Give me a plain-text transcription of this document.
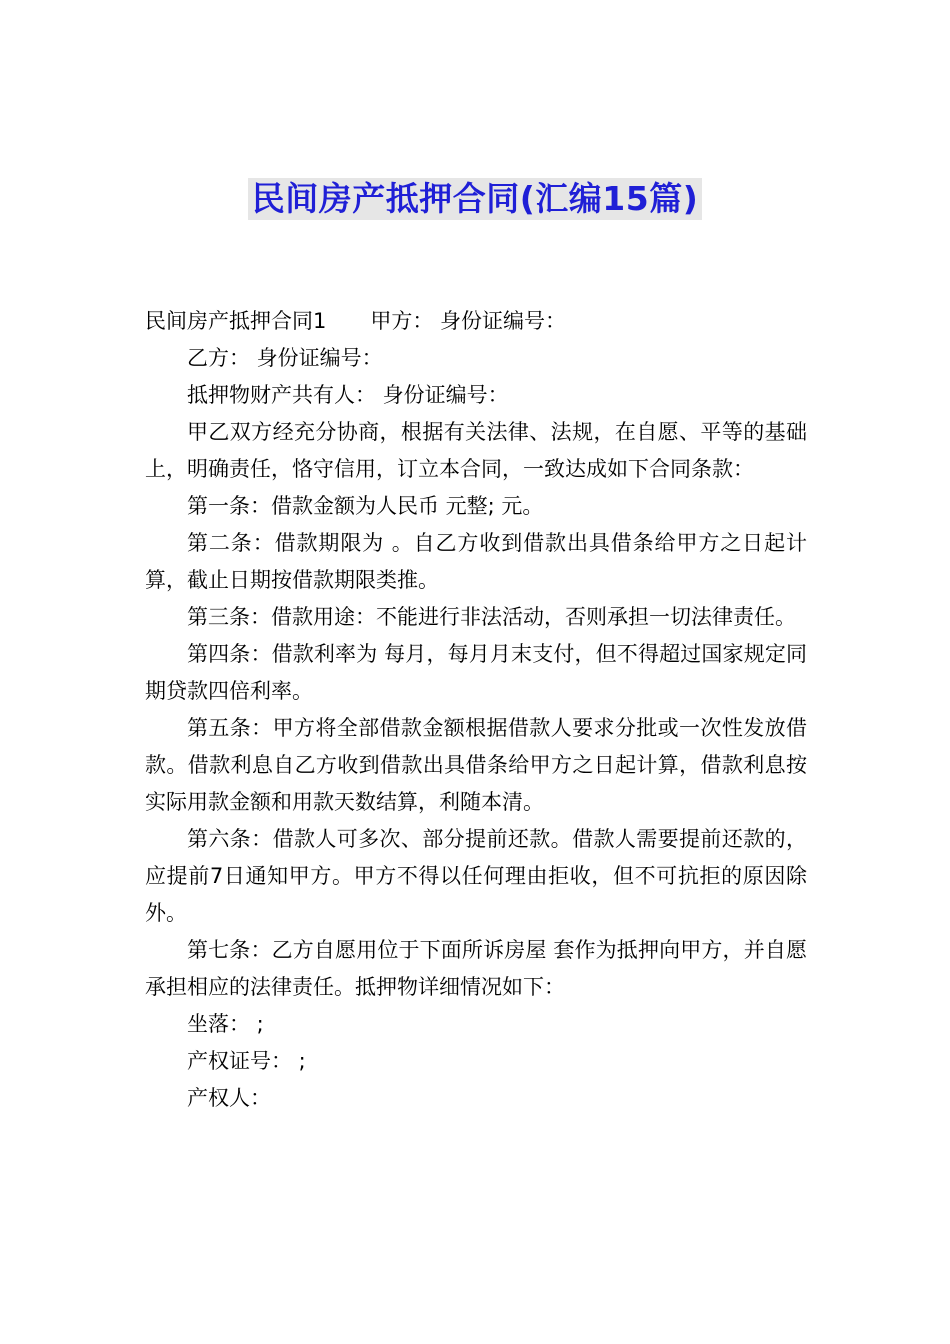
民间房产抵押合同(汇编15篇)

民间房产抵押合同1 甲方： 身份证编号：

乙方： 身份证编号：

抵押物财产共有人： 身份证编号：

甲乙双方经充分协商，根据有关法律、法规，在自愿、平等的基础上，明确责任，恪守信用，订立本合同，一致达成如下合同条款：

第一条：借款金额为人民币 元整; 元。

第二条：借款期限为 。自乙方收到借款出具借条给甲方之日起计算，截止日期按借款期限类推。

第三条：借款用途：不能进行非法活动，否则承担一切法律责任。

第四条：借款利率为 每月，每月月末支付，但不得超过国家规定同期贷款四倍利率。

第五条：甲方将全部借款金额根据借款人要求分批或一次性发放借款。借款利息自乙方收到借款出具借条给甲方之日起计算，借款利息按实际用款金额和用款天数结算，利随本清。

第六条：借款人可多次、部分提前还款。借款人需要提前还款的，应提前7日通知甲方。甲方不得以任何理由拒收，但不可抗拒的原因除外。

第七条：乙方自愿用位于下面所诉房屋 套作为抵押向甲方，并自愿承担相应的法律责任。抵押物详细情况如下：

坐落： ;

产权证号： ;

产权人：
